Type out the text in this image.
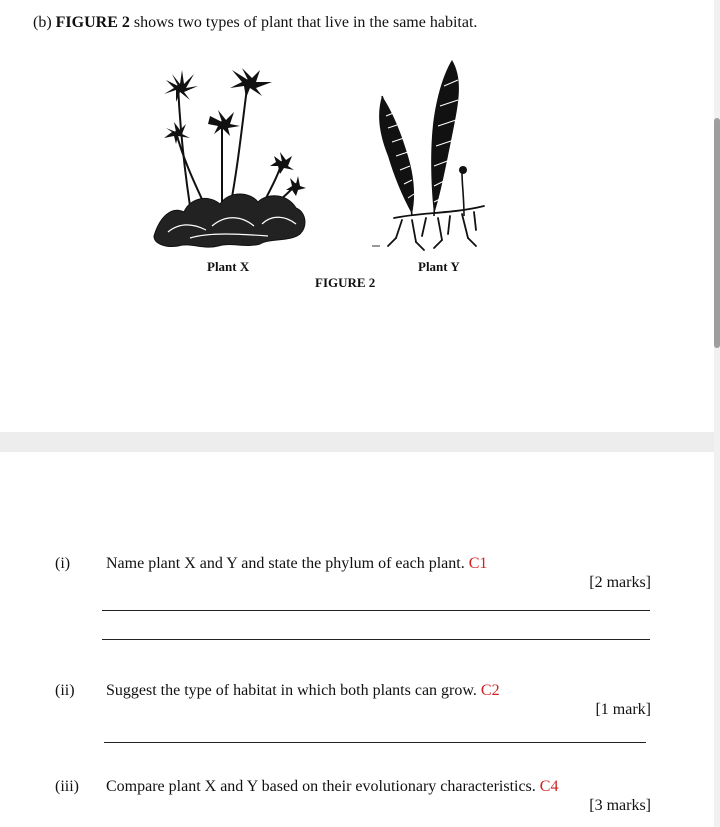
(b) FIGURE 2 shows two types of plant that live in the same habitat.
Plant X	Plant Y
FIGURE 2
(i) Name plant X and Y and state the phylum of each plant. C1
[2 marks]
(ii) Suggest the type of habitat in which both plants can grow. C2
[1 mark]
(iii) Compare plant X and Y based on their evolutionary characteristics. C4
[3 marks]
